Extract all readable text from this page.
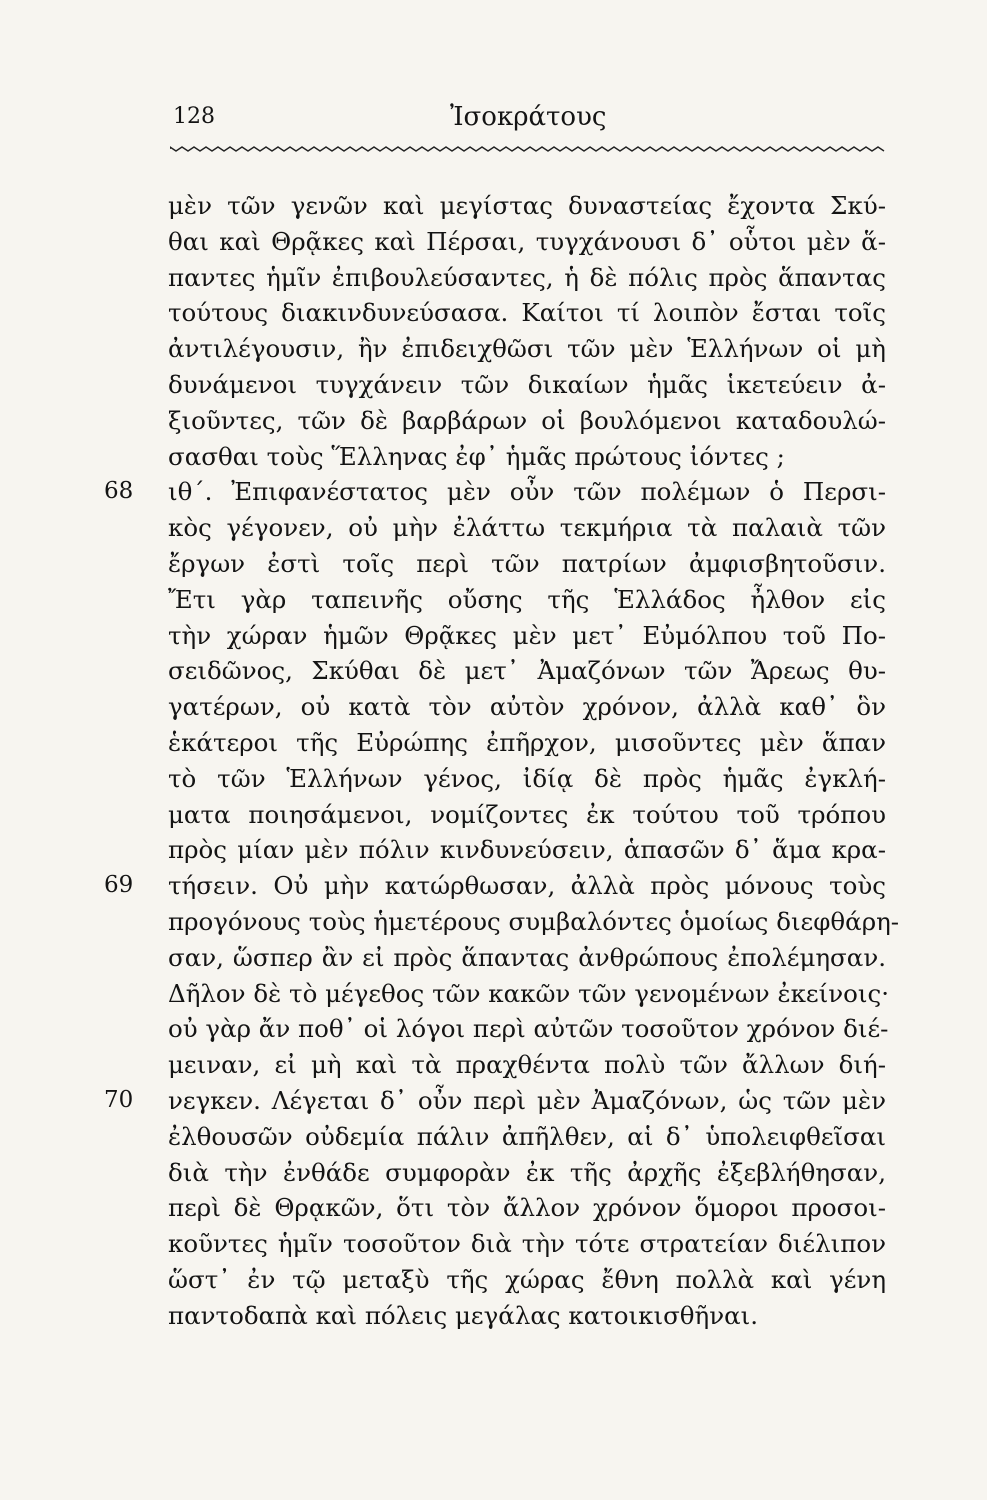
128	Ἰσοκράτους
μὲν τῶν γενῶν καὶ μεγίστας δυναστείας ἔχοντα Σκύ-
θαι καὶ Θρᾷκες καὶ Πέρσαι, τυγχάνουσι δ᾽ οὗτοι μὲν ἅ-
παντες ἡμῖν ἐπιβουλεύσαντες, ἡ δὲ πόλις πρὸς ἅπαντας
τούτους διακινδυνεύσασα. Καίτοι τί λοιπὸν ἔσται τοῖς
ἀντιλέγουσιν, ἢν ἐπιδειχθῶσι τῶν μὲν Ἑλλήνων οἱ μὴ
δυνάμενοι τυγχάνειν τῶν δικαίων ἡμᾶς ἱκετεύειν ἀ-
ξιοῦντες, τῶν δὲ βαρβάρων οἱ βουλόμενοι καταδουλώ-
σασθαι τοὺς Ἕλληνας ἐφ᾽ ἡμᾶς πρώτους ἰόντες ;
68 ιθ΄. Ἐπιφανέστατος μὲν οὖν τῶν πολέμων ὁ Περσι-
κὸς γέγονεν, οὐ μὴν ἐλάττω τεκμήρια τὰ παλαιὰ τῶν
ἔργων ἐστὶ τοῖς περὶ τῶν πατρίων ἀμφισβητοῦσιν.
Ἔτι γὰρ ταπεινῆς οὔσης τῆς Ἑλλάδος ἦλθον εἰς
τὴν χώραν ἡμῶν Θρᾷκες μὲν μετ᾽ Εὐμόλπου τοῦ Πο-
σειδῶνος, Σκύθαι δὲ μετ᾽ Ἀμαζόνων τῶν Ἄρεως θυ-
γατέρων, οὐ κατὰ τὸν αὐτὸν χρόνον, ἀλλὰ καθ᾽ ὃν
ἑκάτεροι τῆς Εὐρώπης ἐπῆρχον, μισοῦντες μὲν ἅπαν
τὸ τῶν Ἑλλήνων γένος, ἰδίᾳ δὲ πρὸς ἡμᾶς ἐγκλή-
ματα ποιησάμενοι, νομίζοντες ἐκ τούτου τοῦ τρόπου
πρὸς μίαν μὲν πόλιν κινδυνεύσειν, ἁπασῶν δ᾽ ἅμα κρα-
69 τήσειν. Οὐ μὴν κατώρθωσαν, ἀλλὰ πρὸς μόνους τοὺς
προγόνους τοὺς ἡμετέρους συμβαλόντες ὁμοίως διεφθάρη-
σαν, ὥσπερ ἂν εἰ πρὸς ἅπαντας ἀνθρώπους ἐπολέμησαν.
Δῆλον δὲ τὸ μέγεθος τῶν κακῶν τῶν γενομένων ἐκείνοις·
οὐ γὰρ ἄν ποθ᾽ οἱ λόγοι περὶ αὐτῶν τοσοῦτον χρόνον διέ-
μειναν, εἰ μὴ καὶ τὰ πραχθέντα πολὺ τῶν ἄλλων διή-
70 νεγκεν. Λέγεται δ᾽ οὖν περὶ μὲν Ἀμαζόνων, ὡς τῶν μὲν
ἐλθουσῶν οὐδεμία πάλιν ἀπῆλθεν, αἱ δ᾽ ὑπολειφθεῖσαι
διὰ τὴν ἐνθάδε συμφορὰν ἐκ τῆς ἀρχῆς ἐξεβλήθησαν,
περὶ δὲ Θρᾳκῶν, ὅτι τὸν ἄλλον χρόνον ὅμοροι προσοι-
κοῦντες ἡμῖν τοσοῦτον διὰ τὴν τότε στρατείαν διέλιπον
ὥστ᾽ ἐν τῷ μεταξὺ τῆς χώρας ἔθνη πολλὰ καὶ γένη
παντοδαπὰ καὶ πόλεις μεγάλας κατοικισθῆναι.
